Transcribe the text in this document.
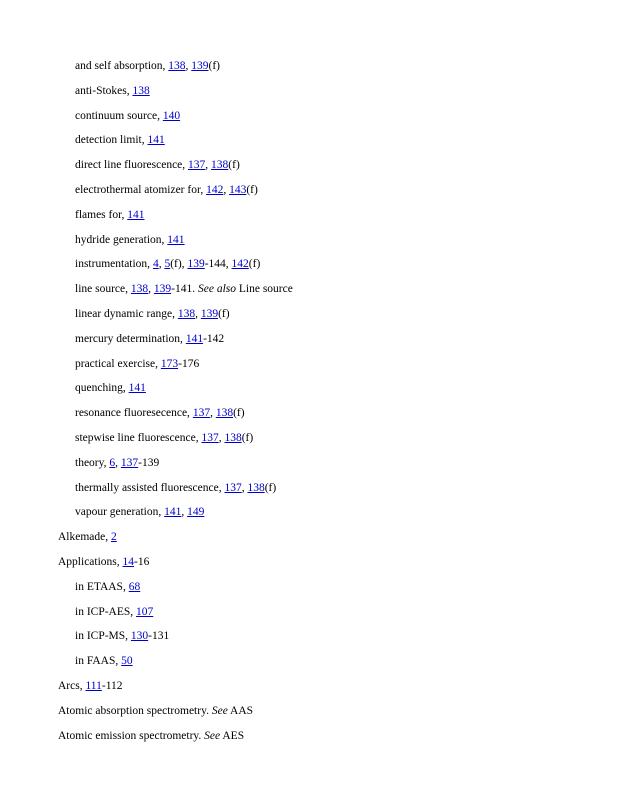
and self absorption, 138, 139(f)
anti-Stokes, 138
continuum source, 140
detection limit, 141
direct line fluorescence, 137, 138(f)
electrothermal atomizer for, 142, 143(f)
flames for, 141
hydride generation, 141
instrumentation, 4, 5(f), 139-144, 142(f)
line source, 138, 139-141. See also Line source
linear dynamic range, 138, 139(f)
mercury determination, 141-142
practical exercise, 173-176
quenching, 141
resonance fluoresecence, 137, 138(f)
stepwise line fluorescence, 137, 138(f)
theory, 6, 137-139
thermally assisted fluorescence, 137, 138(f)
vapour generation, 141, 149
Alkemade, 2
Applications, 14-16
in ETAAS, 68
in ICP-AES, 107
in ICP-MS, 130-131
in FAAS, 50
Arcs, 111-112
Atomic absorption spectrometry. See AAS
Atomic emission spectrometry. See AES
